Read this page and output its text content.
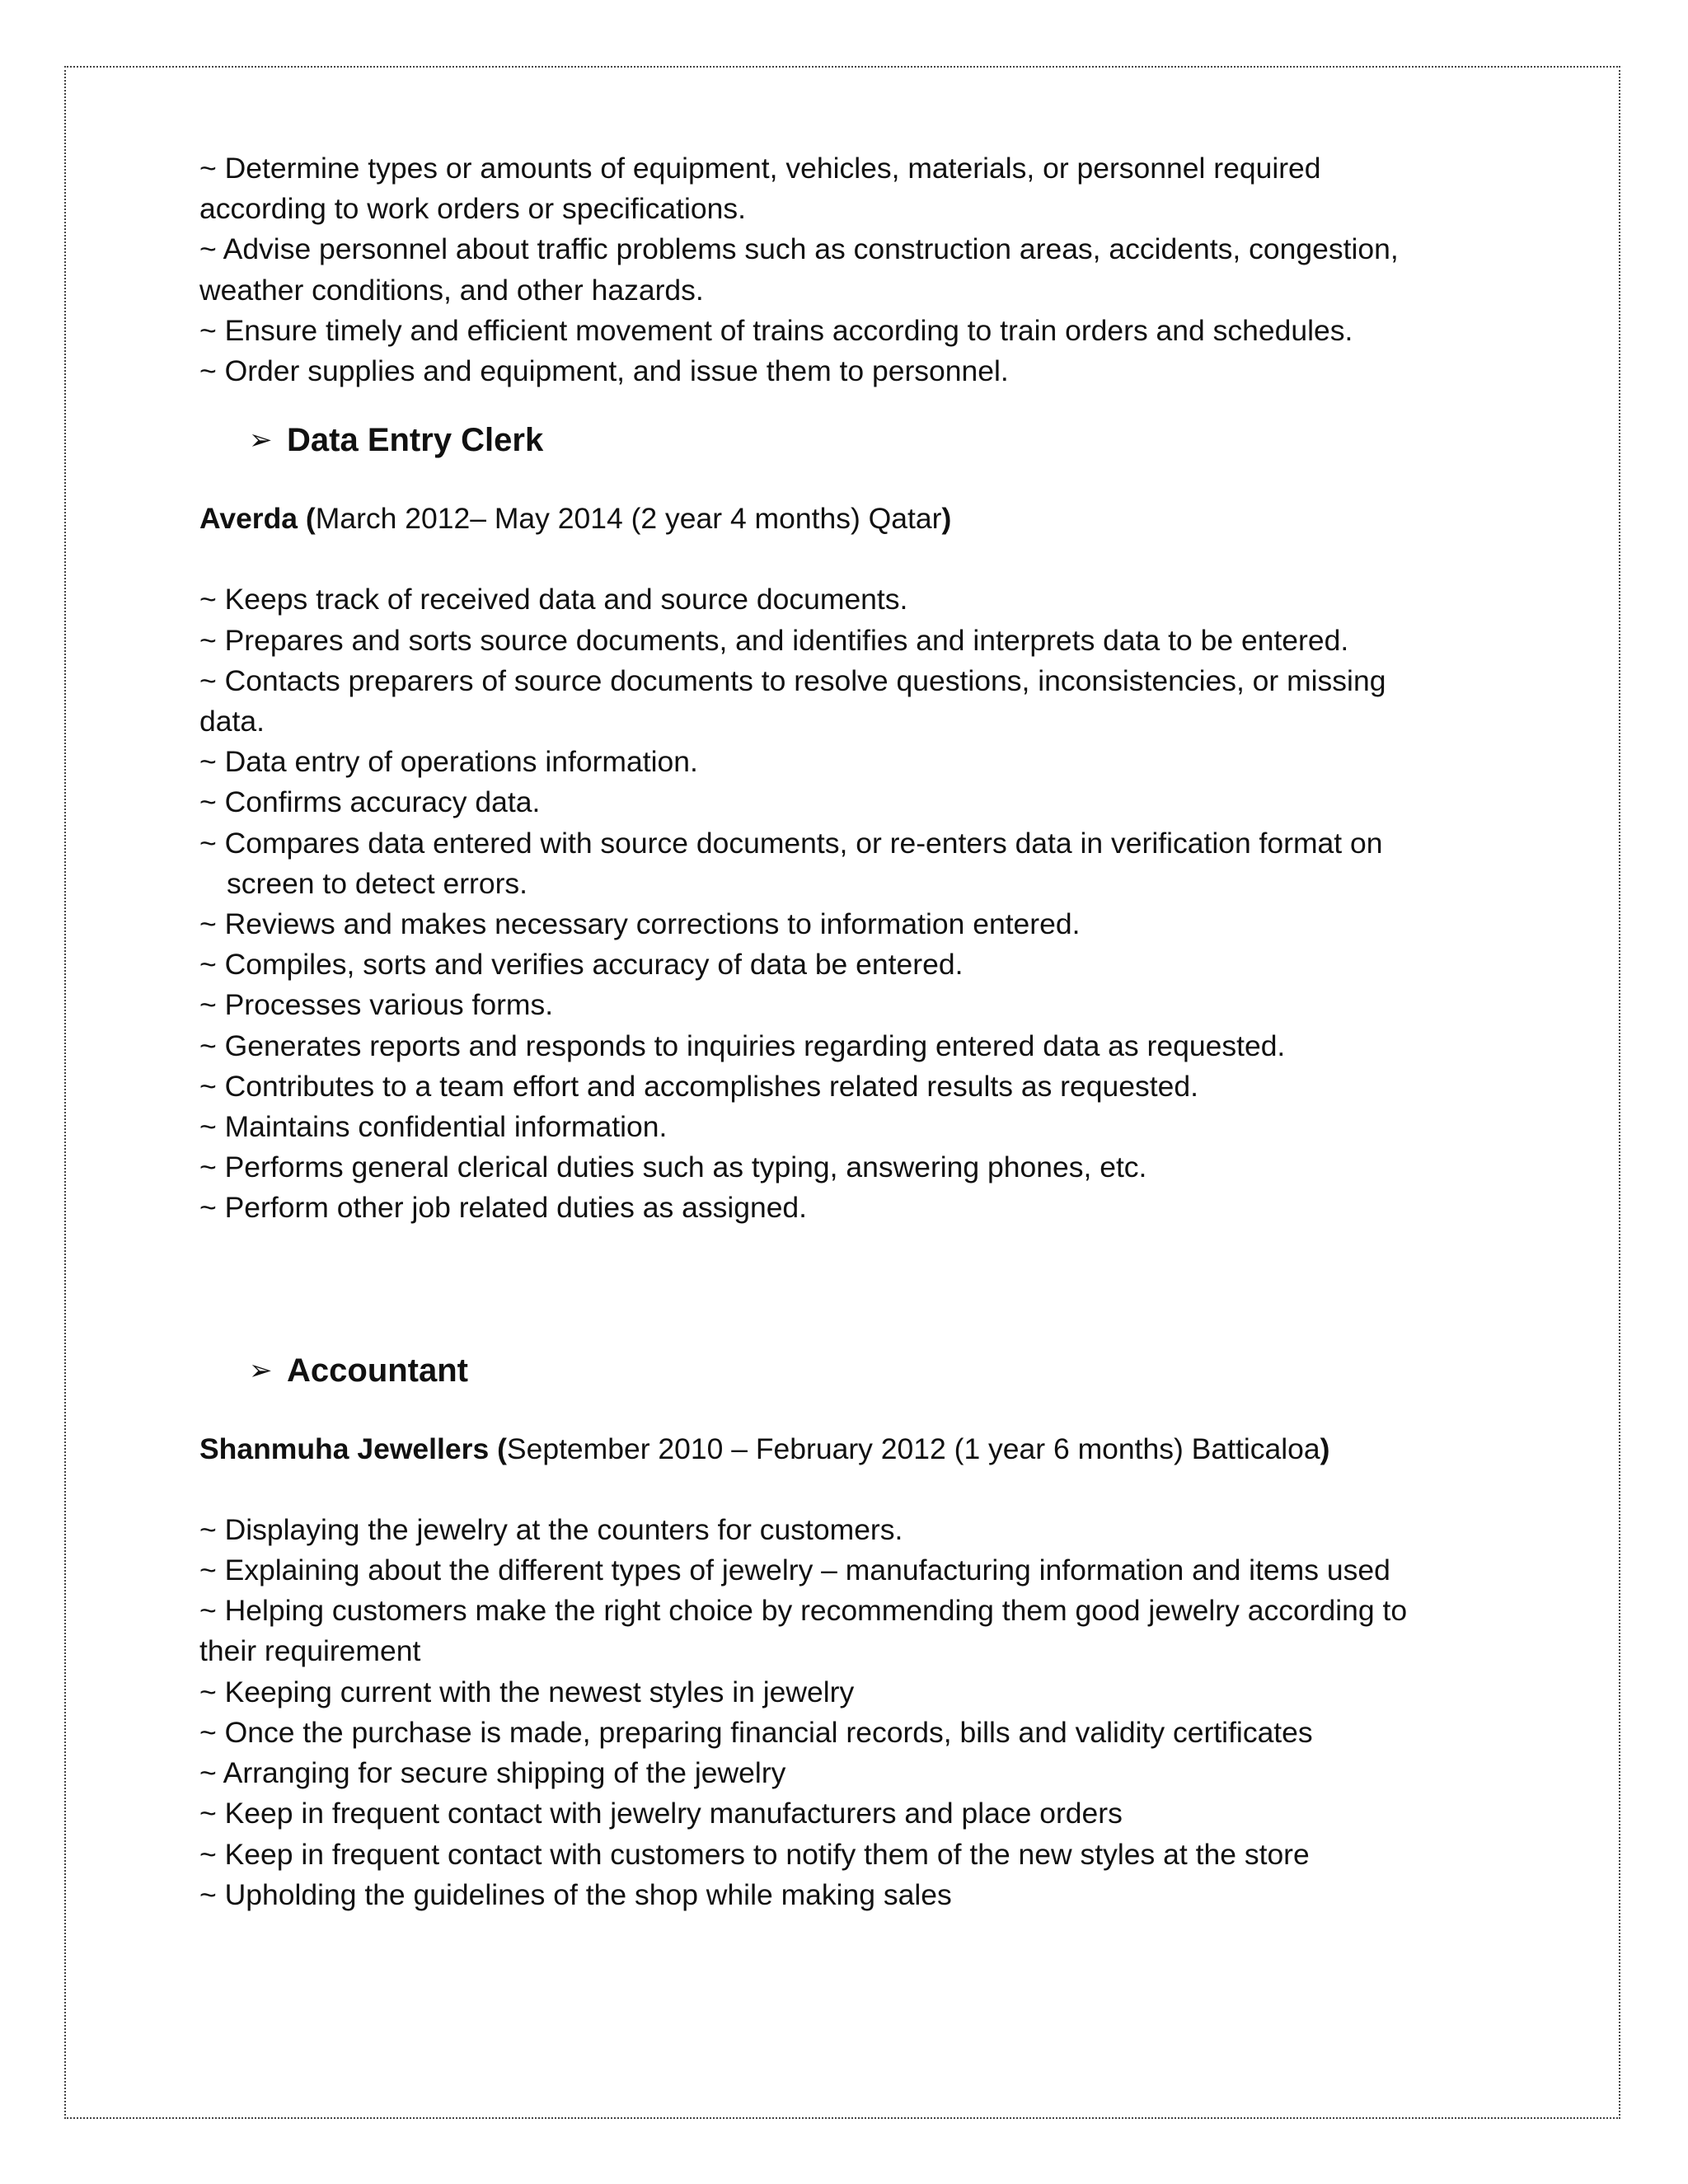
~ Determine types or amounts of equipment, vehicles, materials, or personnel required
according to work orders or specifications.
~ Advise personnel about traffic problems such as construction areas, accidents, congestion,
weather conditions, and other hazards.
~ Ensure timely and efficient movement of trains according to train orders and schedules.
~ Order supplies and equipment, and issue them to personnel.
➢ Data Entry Clerk
Averda (March 2012– May 2014 (2 year 4 months) Qatar)
~ Keeps track of received data and source documents.
~ Prepares and sorts source documents, and identifies and interprets data to be entered.
~ Contacts preparers of source documents to resolve questions, inconsistencies, or missing
data.
~ Data entry of operations information.
~ Confirms accuracy data.
~ Compares data entered with source documents, or re-enters data in verification format on
screen to detect errors.
~ Reviews and makes necessary corrections to information entered.
~ Compiles, sorts and verifies accuracy of data be entered.
~ Processes various forms.
~ Generates reports and responds to inquiries regarding entered data as requested.
~ Contributes to a team effort and accomplishes related results as requested.
~ Maintains confidential information.
~ Performs general clerical duties such as typing, answering phones, etc.
~ Perform other job related duties as assigned.
➢ Accountant
Shanmuha Jewellers (September 2010 – February 2012 (1 year 6 months) Batticaloa)
~ Displaying the jewelry at the counters for customers.
~ Explaining about the different types of jewelry – manufacturing information and items used
~ Helping customers make the right choice by recommending them good jewelry according to
their requirement
~ Keeping current with the newest styles in jewelry
~ Once the purchase is made, preparing financial records, bills and validity certificates
~ Arranging for secure shipping of the jewelry
~ Keep in frequent contact with jewelry manufacturers and place orders
~ Keep in frequent contact with customers to notify them of the new styles at the store
~ Upholding the guidelines of the shop while making sales
